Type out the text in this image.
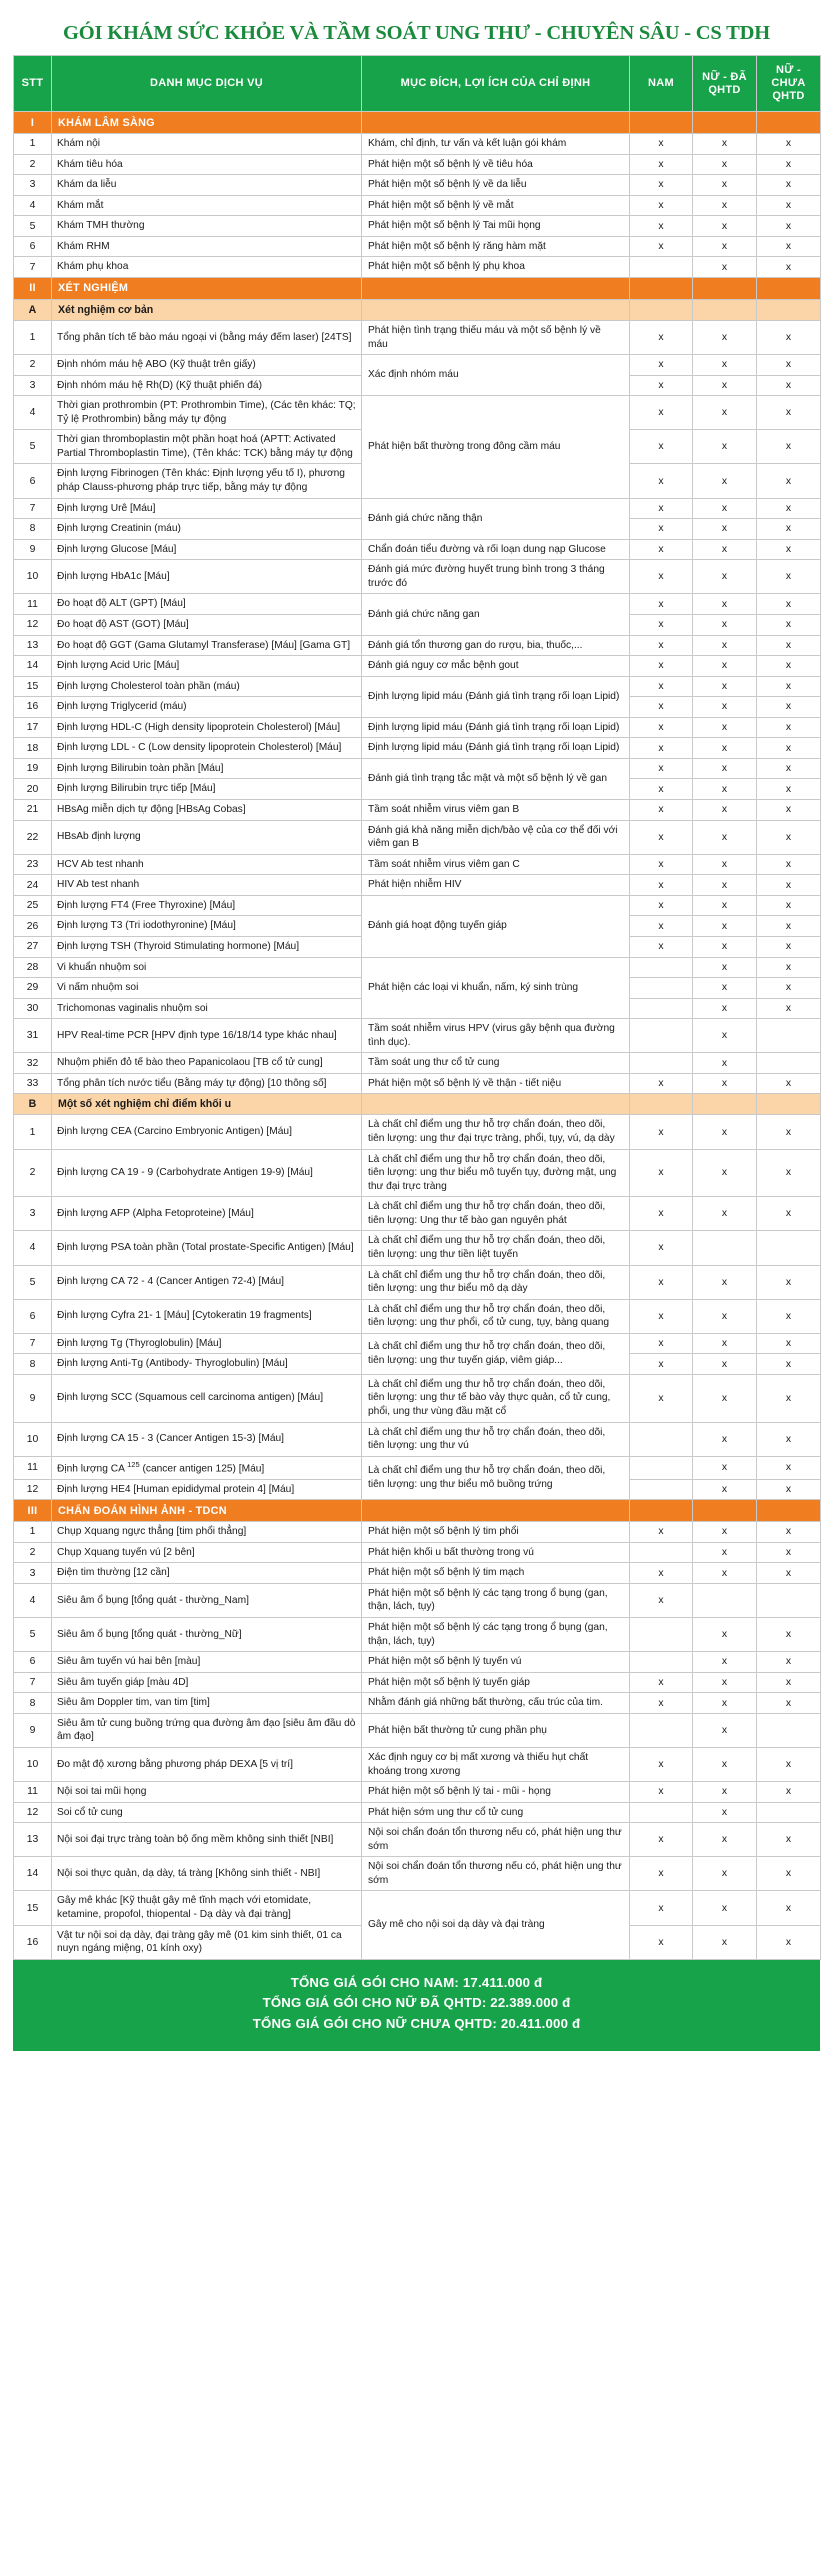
GÓI KHÁM SỨC KHỎE VÀ TẦM SOÁT UNG THƯ - CHUYÊN SÂU - CS TDH
STT	DANH MỤC DỊCH VỤ	MỤC ĐÍCH, LỢI ÍCH CỦA CHỈ ĐỊNH	NAM	NỮ - ĐÃ QHTD	NỮ - CHƯA QHTD
I	KHÁM LÂM SÀNG				
1	Khám nội	Khám, chỉ định, tư vấn và kết luận gói khám	x	x	x
2	Khám tiêu hóa	Phát hiện một số bệnh lý về tiêu hóa	x	x	x
3	Khám da liễu	Phát hiện một số bệnh lý về da liễu	x	x	x
4	Khám mắt	Phát hiện một số bệnh lý về mắt	x	x	x
5	Khám TMH thường	Phát hiện một số bệnh lý Tai mũi họng	x	x	x
6	Khám RHM	Phát hiện một số bệnh lý răng hàm mặt	x	x	x
7	Khám phụ khoa	Phát hiện một số bệnh lý phụ khoa		x	x
II	XÉT NGHIỆM				
A	Xét nghiệm cơ bản				
1	Tổng phân tích tế bào máu ngoại vi (bằng máy đếm laser) [24TS]	Phát hiện tình trạng thiếu máu và một số bệnh lý về máu	x	x	x
2	Định nhóm máu hệ ABO (Kỹ thuật trên giấy)	Xác định nhóm máu	x	x	x
3	Định nhóm máu hệ Rh(D) (Kỹ thuật phiến đá)		x	x	x
4	Thời gian prothrombin (PT: Prothrombin Time), (Các tên khác: TQ; Tỷ lệ Prothrombin) bằng máy tự động	Phát hiện bất thường trong đông cầm máu	x	x	x
5	Thời gian thromboplastin một phần hoạt hoá (APTT: Activated Partial Thromboplastin Time), (Tên khác: TCK) bằng máy tự động		x	x	x
6	Định lượng Fibrinogen (Tên khác: Định lượng yếu tố I), phương pháp Clauss-phương pháp trực tiếp, bằng máy tự động		x	x	x
7	Định lượng Urê [Máu]	Đánh giá chức năng thận	x	x	x
8	Định lượng Creatinin (máu)		x	x	x
9	Định lượng Glucose [Máu]	Chẩn đoán tiểu đường và rối loạn dung nạp Glucose	x	x	x
10	Định lượng HbA1c [Máu]	Đánh giá mức đường huyết trung bình trong 3 tháng trước đó	x	x	x
11	Đo hoạt độ ALT (GPT) [Máu]	Đánh giá chức năng gan	x	x	x
12	Đo hoạt độ AST (GOT) [Máu]		x	x	x
13	Đo hoạt độ GGT (Gama Glutamyl Transferase) [Máu] [Gama GT]	Đánh giá tổn thương gan do rượu, bia, thuốc,...	x	x	x
14	Định lượng Acid Uric [Máu]	Đánh giá nguy cơ mắc bệnh gout	x	x	x
15	Định lượng Cholesterol toàn phần (máu)	Định lượng lipid máu (Đánh giá tình trạng rối loạn Lipid)	x	x	x
16	Định lượng Triglycerid (máu)		x	x	x
17	Định lượng HDL-C (High density lipoprotein Cholesterol) [Máu]	Định lượng lipid máu (Đánh giá tình trạng rối loạn Lipid)	x	x	x
18	Định lượng LDL - C (Low density lipoprotein Cholesterol) [Máu]	Định lượng lipid máu (Đánh giá tình trạng rối loạn Lipid)	x	x	x
19	Định lượng Bilirubin toàn phần [Máu]	Đánh giá tình trạng tắc mật và một số bệnh lý về gan	x	x	x
20	Định lượng Bilirubin trực tiếp [Máu]		x	x	x
21	HBsAg miễn dịch tự động [HBsAg Cobas]	Tầm soát nhiễm virus viêm gan B	x	x	x
22	HBsAb định lượng	Đánh giá khả năng miễn dịch/bảo vệ của cơ thể đối với viêm gan B	x	x	x
23	HCV Ab test nhanh	Tầm soát nhiễm virus viêm gan C	x	x	x
24	HIV Ab test nhanh	Phát hiện nhiễm HIV	x	x	x
25	Định lượng FT4 (Free Thyroxine) [Máu]	Đánh giá hoạt động tuyến giáp	x	x	x
26	Định lượng T3 (Tri iodothyronine) [Máu]		x	x	x
27	Định lượng TSH (Thyroid Stimulating hormone) [Máu]		x	x	x
28	Vi khuẩn nhuộm soi	Phát hiện các loại vi khuẩn, nấm, ký sinh trùng		x	x
29	Vi nấm nhuộm soi			x	x
30	Trichomonas vaginalis nhuộm soi			x	x
31	HPV Real-time PCR [HPV định type 16/18/14 type khác nhau]	Tầm soát nhiễm virus HPV (virus gây bệnh qua đường tình dục).		x	
32	Nhuộm phiến đỏ tế bào theo Papanicolaou [TB cổ tử cung]	Tầm soát ung thư cổ tử cung		x	
33	Tổng phân tích nước tiểu (Bằng máy tự động) [10 thông số]	Phát hiện một số bệnh lý về thận - tiết niệu	x	x	x
B	Một số xét nghiệm chỉ điểm khối u				
1	Định lượng CEA (Carcino Embryonic Antigen) [Máu]	Là chất chỉ điểm ung thư hỗ trợ chẩn đoán, theo dõi, tiên lượng: ung thư đại trực tràng, phổi, tụy, vú, dạ dày	x	x	x
2	Định lượng CA 19 - 9 (Carbohydrate Antigen 19-9) [Máu]	Là chất chỉ điểm ung thư hỗ trợ chẩn đoán, theo dõi, tiên lượng: ung thư biểu mô tuyến tụy, đường mật, ung thư đại trực tràng	x	x	x
3	Định lượng AFP (Alpha Fetoproteine) [Máu]	Là chất chỉ điểm ung thư hỗ trợ chẩn đoán, theo dõi, tiên lượng: Ung thư tế bào gan nguyên phát	x	x	x
4	Định lượng PSA toàn phần (Total prostate-Specific Antigen) [Máu]	Là chất chỉ điểm ung thư hỗ trợ chẩn đoán, theo dõi, tiên lượng: ung thư tiền liệt tuyến	x		
5	Định lượng CA 72 - 4 (Cancer Antigen 72-4) [Máu]	Là chất chỉ điểm ung thư hỗ trợ chẩn đoán, theo dõi, tiên lượng: ung thư biểu mô dạ dày	x	x	x
6	Định lượng Cyfra 21- 1 [Máu] [Cytokeratin 19 fragments]	Là chất chỉ điểm ung thư hỗ trợ chẩn đoán, theo dõi, tiên lượng: ung thư phổi, cổ tử cung, tụy, bàng quang	x	x	x
7	Định lượng Tg (Thyroglobulin) [Máu]	Là chất chỉ điểm ung thư hỗ trợ chẩn đoán, theo dõi, tiên lượng: ung thư tuyến giáp, viêm giáp...	x	x	x
8	Định lượng Anti-Tg (Antibody- Thyroglobulin) [Máu]		x	x	x
9	Định lượng SCC (Squamous cell carcinoma antigen) [Máu]	Là chất chỉ điểm ung thư hỗ trợ chẩn đoán, theo dõi, tiên lượng: ung thư tế bào vảy thực quản, cổ tử cung, phổi, ung thư vùng đầu mặt cổ	x	x	x
10	Định lượng CA 15 - 3 (Cancer Antigen 15-3) [Máu]	Là chất chỉ điểm ung thư hỗ trợ chẩn đoán, theo dõi, tiên lượng: ung thư vú		x	x
11	Định lượng CA $^{125}$ (cancer antigen 125) [Máu]	Là chất chỉ điểm ung thư hỗ trợ chẩn đoán, theo dõi, tiên lượng: ung thư biểu mô buồng trứng		x	x
12	Định lượng HE4 [Human epididymal protein 4] [Máu]			x	x
III	CHẨN ĐOÁN HÌNH ẢNH - TDCN				
1	Chụp Xquang ngực thẳng [tim phổi thẳng]	Phát hiện một số bệnh lý tim phổi	x	x	x
2	Chụp Xquang tuyến vú [2 bên]	Phát hiện khối u bất thường trong vú		x	x
3	Điện tim thường [12 cần]	Phát hiện một số bệnh lý tim mạch	x	x	x
4	Siêu âm ổ bụng [tổng quát - thường_Nam]	Phát hiện một số bệnh lý các tạng trong ổ bụng (gan, thận, lách, tụy)	x		
5	Siêu âm ổ bụng [tổng quát - thường_Nữ]	Phát hiện một số bệnh lý các tạng trong ổ bụng (gan, thận, lách, tụy)		x	x
6	Siêu âm tuyến vú hai bên [màu]	Phát hiện một số bệnh lý tuyến vú		x	x
7	Siêu âm tuyến giáp [màu 4D]	Phát hiện một số bệnh lý tuyến giáp	x	x	x
8	Siêu âm Doppler tim, van tim [tim]	Nhằm đánh giá những bất thường, cấu trúc của tim.	x	x	x
9	Siêu âm tử cung buồng trứng qua đường âm đạo [siêu âm đầu dò âm đạo]	Phát hiện bất thường tử cung phần phụ		x	
10	Đo mật độ xương bằng phương pháp DEXA [5 vị trí]	Xác định nguy cơ bị mất xương và thiếu hụt chất khoáng trong xương	x	x	x
11	Nội soi tai mũi họng	Phát hiện một số bệnh lý tai - mũi - họng	x	x	x
12	Soi cổ tử cung	Phát hiện sớm ung thư cổ tử cung		x	
13	Nội soi đại trực tràng toàn bộ ống mềm không sinh thiết [NBI]	Nội soi chẩn đoán tổn thương nếu có, phát hiện ung thư sớm	x	x	x
14	Nội soi thực quản, dạ dày, tá tràng [Không sinh thiết - NBI]	Nội soi chẩn đoán tổn thương nếu có, phát hiện ung thư sớm	x	x	x
15	Gây mê khác [Kỹ thuật gây mê tĩnh mạch với etomidate, ketamine, propofol, thiopental - Dạ dày và đại tràng]	Gây mê cho nội soi dạ dày và đại tràng	x	x	x
16	Vật tư nội soi dạ dày, đại tràng gây mê (01 kim sinh thiết, 01 ca nuyn ngáng miệng, 01 kính oxy)		x	x	x
TỔNG GIÁ GÓI CHO NAM: 17.411.000 đ
TỔNG GIÁ GÓI CHO NỮ ĐÃ QHTD: 22.389.000 đ
TỔNG GIÁ GÓI CHO NỮ CHƯA QHTD: 20.411.000 đ
